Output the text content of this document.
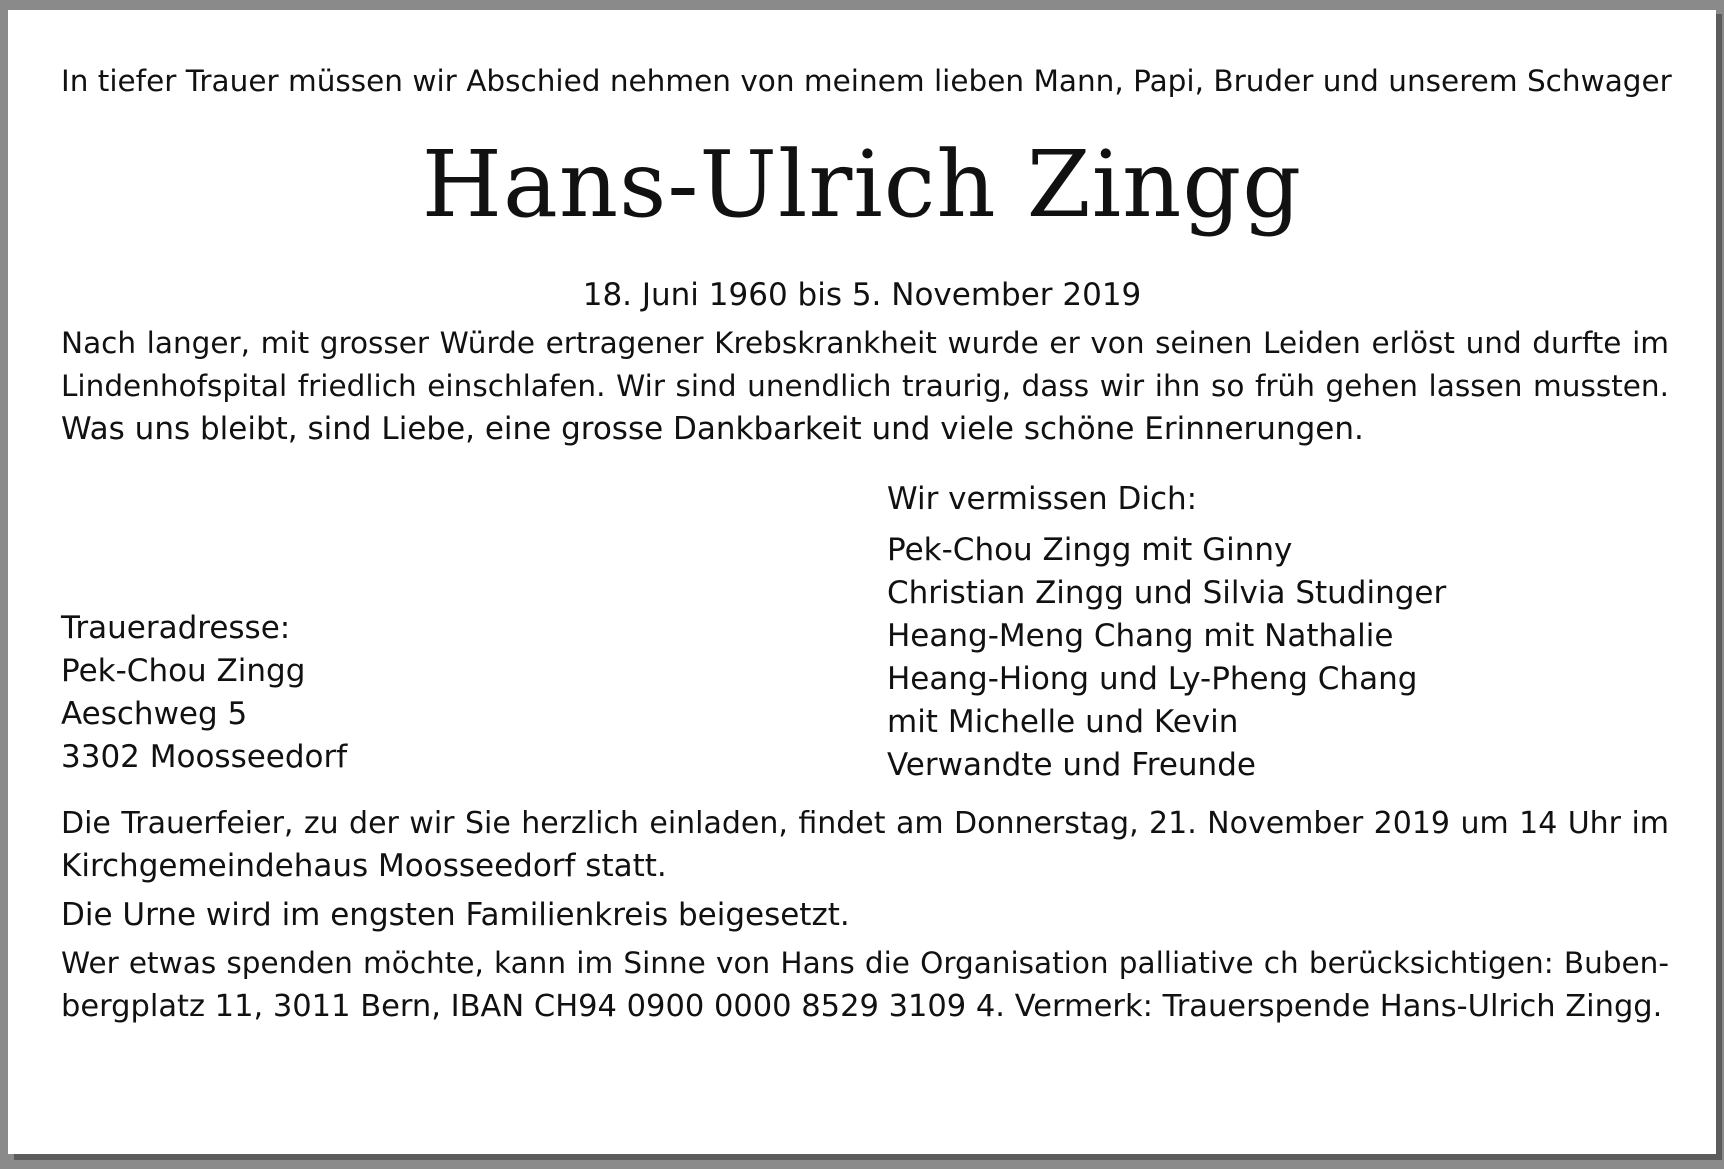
In tiefer Trauer müssen wir Abschied nehmen von meinem lieben Mann, Papi, Bruder und unserem Schwager
Hans-Ulrich Zingg
18. Juni 1960 bis 5. November 2019
Nach langer, mit grosser Würde ertragener Krebskrankheit wurde er von seinen Leiden erlöst und durfte im
Lindenhofspital friedlich einschlafen. Wir sind unendlich traurig, dass wir ihn so früh gehen lassen mussten.
Was uns bleibt, sind Liebe, eine grosse Dankbarkeit und viele schöne Erinnerungen.
Wir vermissen Dich:
Pek-Chou Zingg mit Ginny
Christian Zingg und Silvia Studinger
Heang-Meng Chang mit Nathalie
Heang-Hiong und Ly-Pheng Chang
mit Michelle und Kevin
Verwandte und Freunde
Traueradresse:
Pek-Chou Zingg
Aeschweg 5
3302 Moosseedorf
Die Trauerfeier, zu der wir Sie herzlich einladen, findet am Donnerstag, 21. November 2019 um 14 Uhr im
Kirchgemeindehaus Moosseedorf statt.
Die Urne wird im engsten Familienkreis beigesetzt.
Wer etwas spenden möchte, kann im Sinne von Hans die Organisation palliative ch berücksichtigen: Buben-
bergplatz 11, 3011 Bern, IBAN CH94 0900 0000 8529 3109 4. Vermerk: Trauerspende Hans-Ulrich Zingg.
